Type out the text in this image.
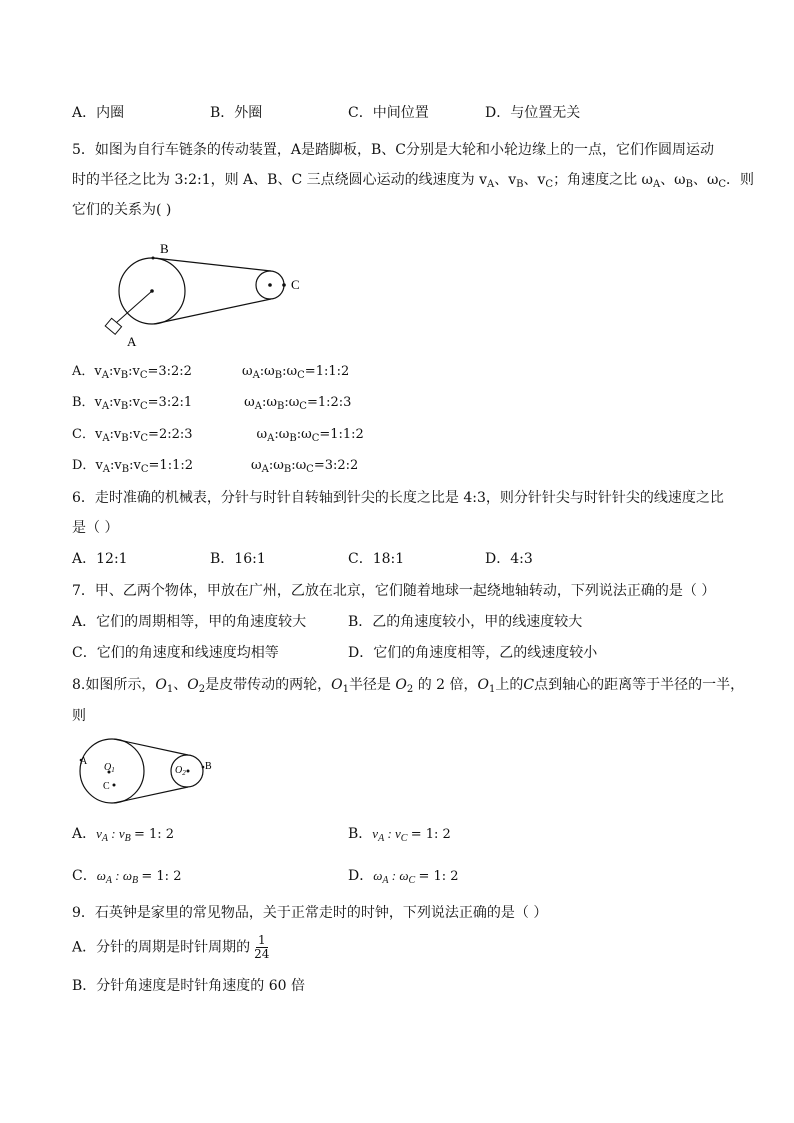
A．内圈	B．外圈	C．中间位置	D．与位置无关
5．如图为自行车链条的传动装置，A是踏脚板，B、C分别是大轮和小轮边缘上的一点，它们作圆周运动
时的半径之比为 3:2:1，则 A、B、C 三点绕圆心运动的线速度为 $v_A$、$v_B$、$v_C$；角速度之比 $\omega_A$、$\omega_B$、$\omega_C$．则
它们的关系为( )
B
C
A
A．$v_A:v_B:v_C=3:2:2$	$\omega_A:\omega_B:\omega_C=1:1:2$
B．$v_A:v_B:v_C=3:2:1$	$\omega_A:\omega_B:\omega_C=1:2:3$
C．$v_A:v_B:v_C=2:2:3$	$\omega_A:\omega_B:\omega_C=1:1:2$
D．$v_A:v_B:v_C=1:1:2$	$\omega_A:\omega_B:\omega_C=3:2:2$
6．走时准确的机械表，分针与时针自转轴到针尖的长度之比是 4:3，则分针针尖与时针针尖的线速度之比
是（ ）
A．12:1	B．16:1	C．18:1	D．4:3
7．甲、乙两个物体，甲放在广州，乙放在北京，它们随着地球一起绕地轴转动，下列说法正确的是（ ）
A．它们的周期相等，甲的角速度较大	B．乙的角速度较小，甲的线速度较大
C．它们的角速度和线速度均相等	D．它们的角速度相等，乙的线速度较小
8.如图所示，$O_1$、$O_2$是皮带传动的两轮，$O_1$半径是 $O_2$ 的 2 倍，$O_1$上的C点到轴心的距离等于半径的一半，
则
A
$O_1$
C
$O_2$
B
A．$v_A$ : $v_B = 1$: 2	B．$v_A$ : $v_C = 1$: 2
C．$\omega_A$ : $\omega_B = 1$: 2	D．$\omega_A$ : $\omega_C = 1$: 2
9．石英钟是家里的常见物品，关于正常走时的时钟，下列说法正确的是（ ）
A．分针的周期是时针周期的 $\frac{1}{24}$
B．分针角速度是时针角速度的 60 倍
